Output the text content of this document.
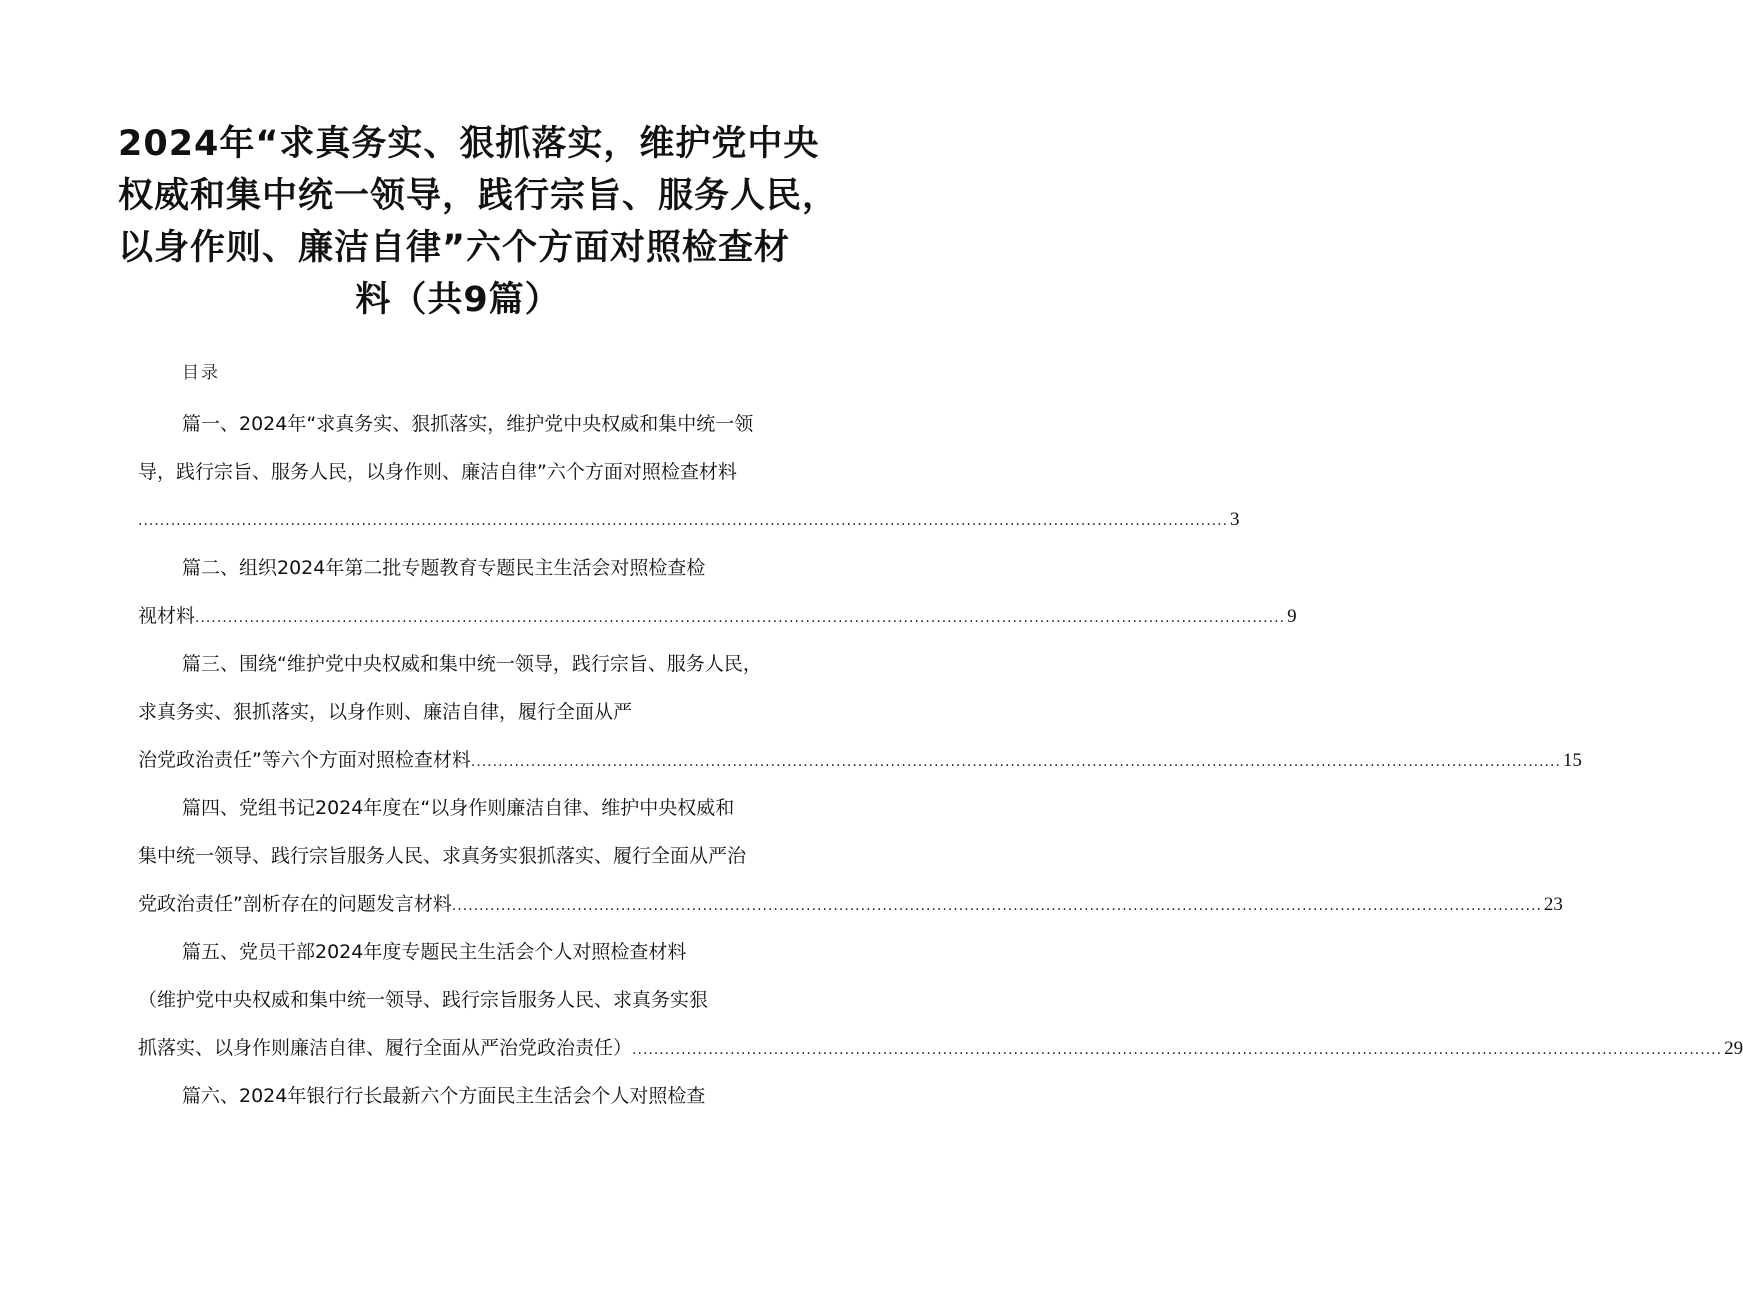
2024年“求真务实、狠抓落实，维护党中央
权威和集中统一领导，践行宗旨、服务人民，
以身作则、廉洁自律”六个方面对照检查材
料（共9篇）
目录
篇一、2024年“求真务实、狠抓落实，维护党中央权威和集中统一领
导，践行宗旨、服务人民，以身作则、廉洁自律”六个方面对照检查材料
........................................................................................................................................................................................................ 3
篇二、组织2024年第二批专题教育专题民主生活会对照检查检
视材料 ........................................................................................................................................................................................................ 9
篇三、围绕“维护党中央权威和集中统一领导，践行宗旨、服务人民，
求真务实、狠抓落实，以身作则、廉洁自律，履行全面从严
治党政治责任”等六个方面对照检查材料 ........................................................................................................................................................................................................ 15
篇四、党组书记2024年度在“以身作则廉洁自律、维护中央权威和
集中统一领导、践行宗旨服务人民、求真务实狠抓落实、履行全面从严治
党政治责任”剖析存在的问题发言材料 ........................................................................................................................................................................................................ 23
篇五、党员干部2024年度专题民主生活会个人对照检查材料
（维护党中央权威和集中统一领导、践行宗旨服务人民、求真务实狠
抓落实、以身作则廉洁自律、履行全面从严治党政治责任） ........................................................................................................................................................................................................ 29
篇六、2024年银行行长最新六个方面民主生活会个人对照检查
